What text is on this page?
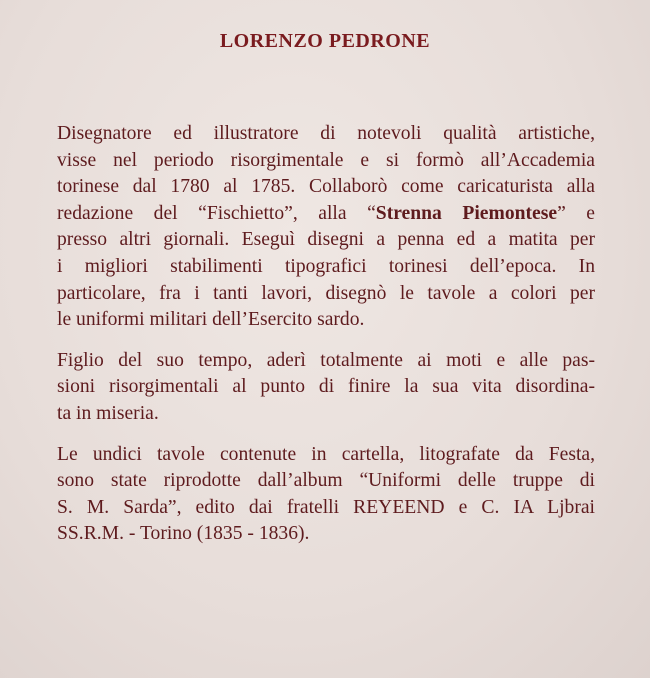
LORENZO PEDRONE

Disegnatore ed illustratore di notevoli qualità artistiche,
visse nel periodo risorgimentale e si formò all’Accademia
torinese dal 1780 al 1785. Collaborò come caricaturista alla
redazione del “Fischietto”, alla “Strenna Piemontese” e
presso altri giornali. Eseguì disegni a penna ed a matita per
i migliori stabilimenti tipografici torinesi dell’epoca. In
particolare, fra i tanti lavori, disegnò le tavole a colori per
le uniformi militari dell’Esercito sardo.

Figlio del suo tempo, aderì totalmente ai moti e alle pas-
sioni risorgimentali al punto di finire la sua vita disordina-
ta in miseria.

Le undici tavole contenute in cartella, litografate da Festa,
sono state riprodotte dall’album “Uniformi delle truppe di
S. M. Sarda”, edito dai fratelli REYEEND e C. IA Ljbrai
SS.R.M. - Torino (1835 - 1836).
